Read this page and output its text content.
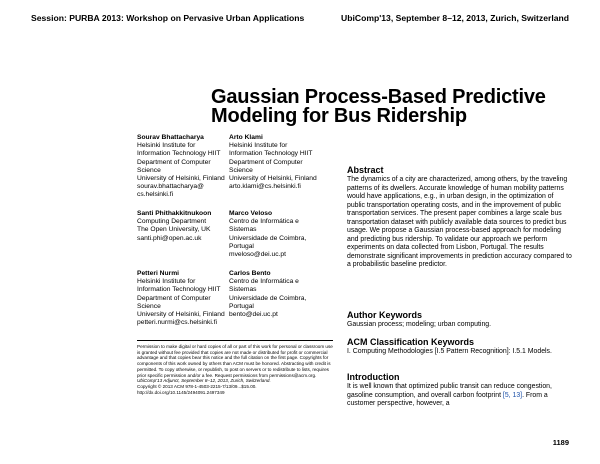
Session: PURBA 2013: Workshop on Pervasive Urban Applications	UbiComp'13, September 8–12, 2013, Zurich, Switzerland
Gaussian Process-Based Predictive Modeling for Bus Ridership
Sourav Bhattacharya
Helsinki Institute for
Information Technology HIIT
Department of Computer
Science
University of Helsinki, Finland
sourav.bhattacharya@
cs.helsinki.fi
Arto Klami
Helsinki Institute for
Information Technology HIIT
Department of Computer
Science
University of Helsinki, Finland
arto.klami@cs.helsinki.fi
Santi Phithakkitnukoon
Computing Department
The Open University, UK
santi.phi@open.ac.uk
Marco Veloso
Centro de Informática e
Sistemas
Universidade de Coimbra,
Portugal
mveloso@dei.uc.pt
Petteri Nurmi
Helsinki Institute for
Information Technology HIIT
Department of Computer
Science
University of Helsinki, Finland
petteri.nurmi@cs.helsinki.fi
Carlos Bento
Centro de Informática e
Sistemas
Universidade de Coimbra,
Portugal
bento@dei.uc.pt
Abstract

The dynamics of a city are characterized, among others, by the traveling patterns of its dwellers. Accurate knowledge of human mobility patterns would have applications, e.g., in urban design, in the optimization of public transportation operating costs, and in the improvement of public transportation services. The present paper combines a large scale bus transportation dataset with publicly available data sources to predict bus usage. We propose a Gaussian process-based approach for modeling and predicting bus ridership. To validate our approach we perform experiments on data collected from Lisbon, Portugal. The results demonstrate significant improvements in prediction accuracy compared to a probabilistic baseline predictor.

Author Keywords

Gaussian process; modeling; urban computing.

ACM Classification Keywords

I. Computing Methodologies [I.5 Pattern Recognition]: I.5.1 Models.

Introduction

It is well known that optimized public transit can reduce congestion, gasoline consumption, and overall carbon footprint [5, 13]. From a customer perspective, however, a

Permission to make digital or hard copies of all or part of this work for personal or classroom use is granted without fee provided that copies are not made or distributed for profit or commercial advantage and that copies bear this notice and the full citation on the first page. Copyrights for components of this work owned by others than ACM must be honored. Abstracting with credit is permitted. To copy otherwise, or republish, to post on servers or to redistribute to lists, requires prior specific permission and/or a fee. Request permissions from permissions@acm.org.
UbiComp'13 Adjunct, September 8–12, 2013, Zurich, Switzerland.
Copyright © 2013 ACM 978-1-4503-2215-7/13/09...$15.00.
http://dx.doi.org/10.1145/2494091.2497349
1189
